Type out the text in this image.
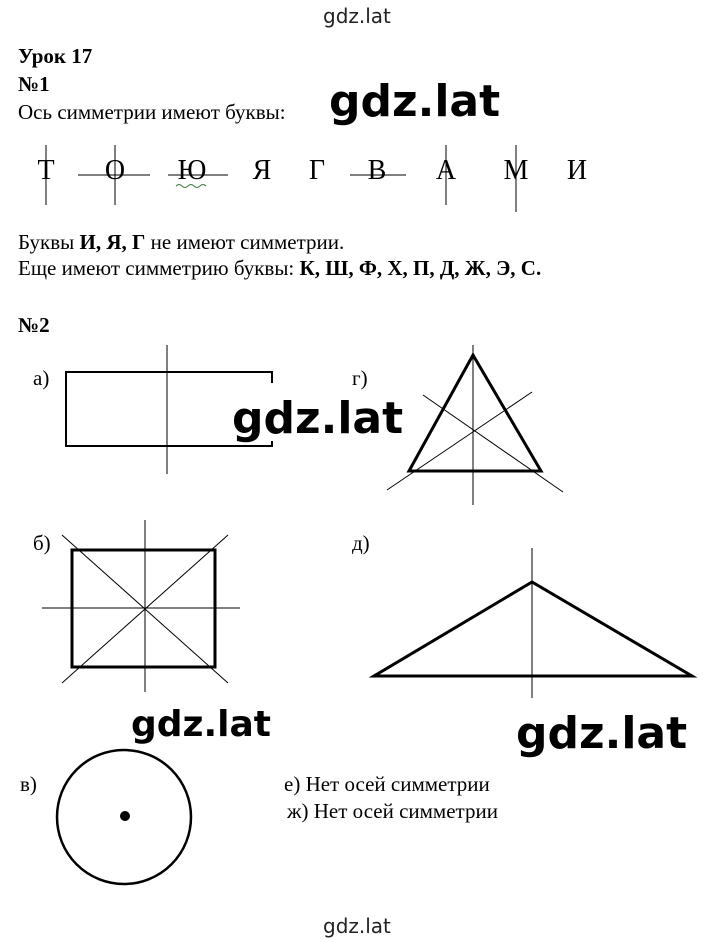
gdz.lat
Урок 17
№1
Ось симметрии имеют буквы:
Т	О	Ю	Я	Г	В	А	М	И
Буквы И, Я, Г не имеют симметрии.
Еще имеют симметрию буквы: К, Ш, Ф, Х, П, Д, Ж, Э, С.
№2
а)	г)
б)	д)
в)	е) Нет осей симметрии
ж) Нет осей симметрии
gdz.lat
gdz.lat
gdz.lat	gdz.lat
gdz.lat
